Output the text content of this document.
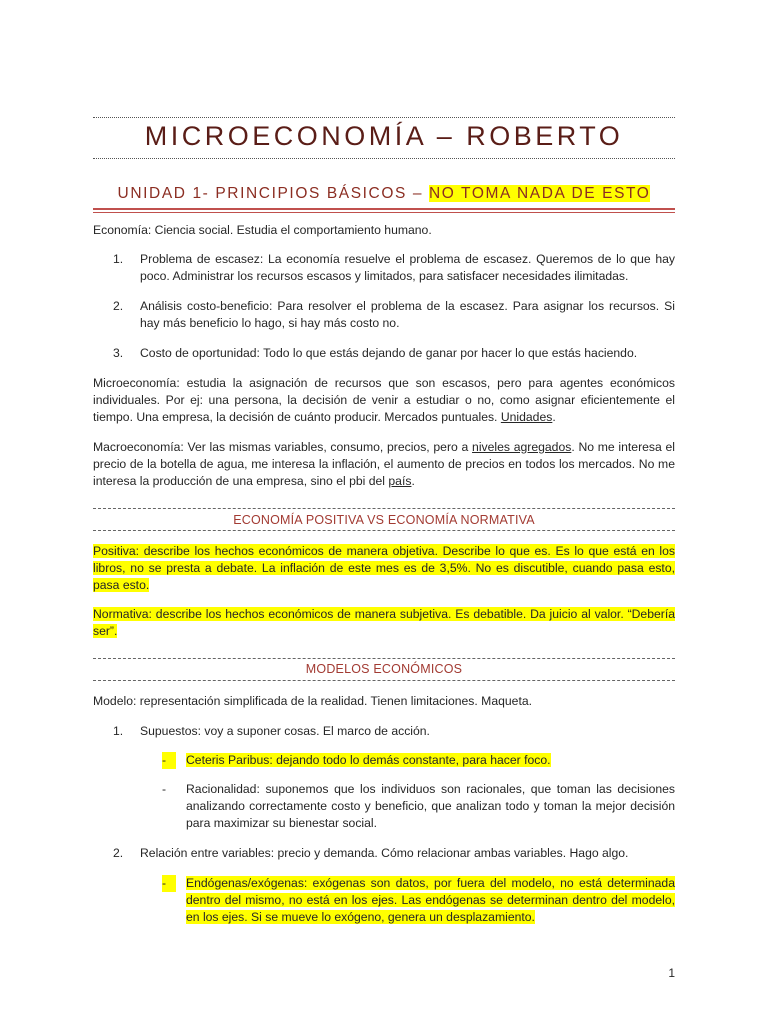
MICROECONOMÍA – ROBERTO
UNIDAD 1- PRINCIPIOS BÁSICOS – NO TOMA NADA DE ESTO

Economía: Ciencia social. Estudia el comportamiento humano.

1.	Problema de escasez: La economía resuelve el problema de escasez. Queremos de lo que hay poco. Administrar los recursos escasos y limitados, para satisfacer necesidades ilimitadas.
2.	Análisis costo-beneficio: Para resolver el problema de la escasez. Para asignar los recursos. Si hay más beneficio lo hago, si hay más costo no.
3.	Costo de oportunidad: Todo lo que estás dejando de ganar por hacer lo que estás haciendo.

Microeconomía: estudia la asignación de recursos que son escasos, pero para agentes económicos individuales. Por ej: una persona, la decisión de venir a estudiar o no, como asignar eficientemente el tiempo. Una empresa, la decisión de cuánto producir. Mercados puntuales. Unidades.

Macroeconomía: Ver las mismas variables, consumo, precios, pero a niveles agregados. No me interesa el precio de la botella de agua, me interesa la inflación, el aumento de precios en todos los mercados. No me interesa la producción de una empresa, sino el pbi del país.

ECONOMÍA POSITIVA VS ECONOMÍA NORMATIVA

Positiva: describe los hechos económicos de manera objetiva. Describe lo que es. Es lo que está en los libros, no se presta a debate. La inflación de este mes es de 3,5%. No es discutible, cuando pasa esto, pasa esto.

Normativa: describe los hechos económicos de manera subjetiva. Es debatible. Da juicio al valor. “Debería ser”.

MODELOS ECONÓMICOS

Modelo: representación simplificada de la realidad. Tienen limitaciones. Maqueta.

1.	Supuestos: voy a suponer cosas. El marco de acción.
-	Ceteris Paribus: dejando todo lo demás constante, para hacer foco.
-	Racionalidad: suponemos que los individuos son racionales, que toman las decisiones analizando correctamente costo y beneficio, que analizan todo y toman la mejor decisión para maximizar su bienestar social.
2.	Relación entre variables: precio y demanda. Cómo relacionar ambas variables. Hago algo.
-	Endógenas/exógenas: exógenas son datos, por fuera del modelo, no está determinada dentro del mismo, no está en los ejes. Las endógenas se determinan dentro del modelo, en los ejes. Si se mueve lo exógeno, genera un desplazamiento.
1
